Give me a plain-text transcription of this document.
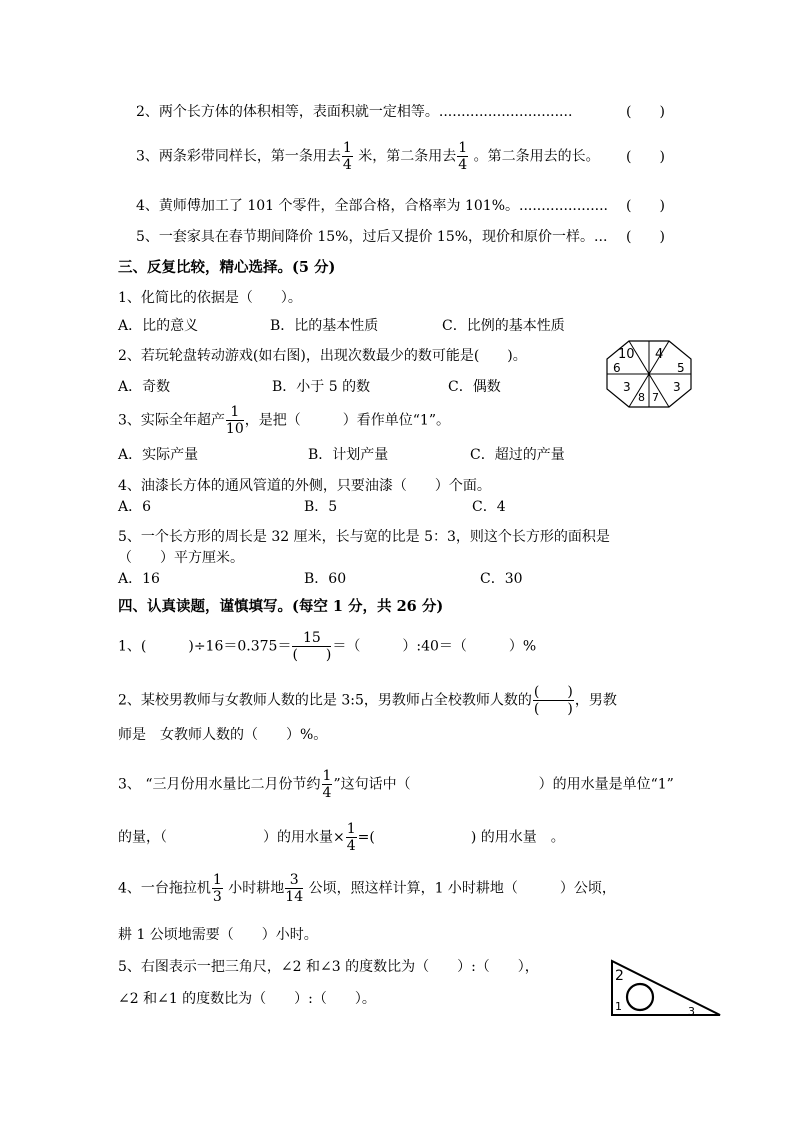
2、两个长方体的体积相等，表面积就一定相等。..............................	(　　)
3、两条彩带同样长，第一条用去 $\frac{1}{4}$ 米，第二条用去 $\frac{1}{4}$ 。第二条用去的长。 (　　)
4、黄师傅加工了 101 个零件，全部合格，合格率为 101%。.................... (　　)
5、一套家具在春节期间降价 15%，过后又提价 15%，现价和原价一样。... (　　)
三、反复比较，精心选择。(5 分)
1、化简比的依据是（　　）。
A．比的意义	B．比的基本性质	C．比例的基本性质
2、若玩轮盘转动游戏(如右图)，出现次数最少的数可能是(　　)。
A．奇数	B．小于 5 的数	C．偶数
10 4
6	5
3	3
7
8
3、实际全年超产 $\frac{1}{10}$ ，是把（　　　）看作单位“1”。
A．实际产量	B．计划产量	C．超过的产量
4、油漆长方体的通风管道的外侧，只要油漆（　　）个面。
A．6	B．5	C．4
5、一个长方形的周长是 32 厘米，长与宽的比是 5：3，则这个长方形的面积是
（　　）平方厘米。
A．16	B．60	C．30
四、认真读题，谨慎填写。(每空 1 分，共 26 分)
1、(　　　)$\div 16=0.375= \frac{15}{( )}$ ＝（　　　）:40＝（　　　）%
2、某校男教师与女教师人数的比是 3:5，男教师占全校教师人数的 $\frac{( )}{( )}$ ，男教
师是　女教师人数的（　　）%。
3、 “三月份用水量比二月份节约 $\frac{1}{4}$ ”这句话中（	）的用水量是单位“1”
的量，（	）的用水量× $\frac{1}{4}$ =(	) 的用水量　。
4、一台拖拉机 $\frac{1}{3}$ 小时耕地 $\frac{3}{14}$ 公顷，照这样计算，1 小时耕地（　　　）公顷，
耕 1 公顷地需要（　　）小时。
5、右图表示一把三角尺，∠2 和∠3 的度数比为（　　）:（　　），
∠2 和∠1 的度数比为（　　）:（　　）。
2
1	3
